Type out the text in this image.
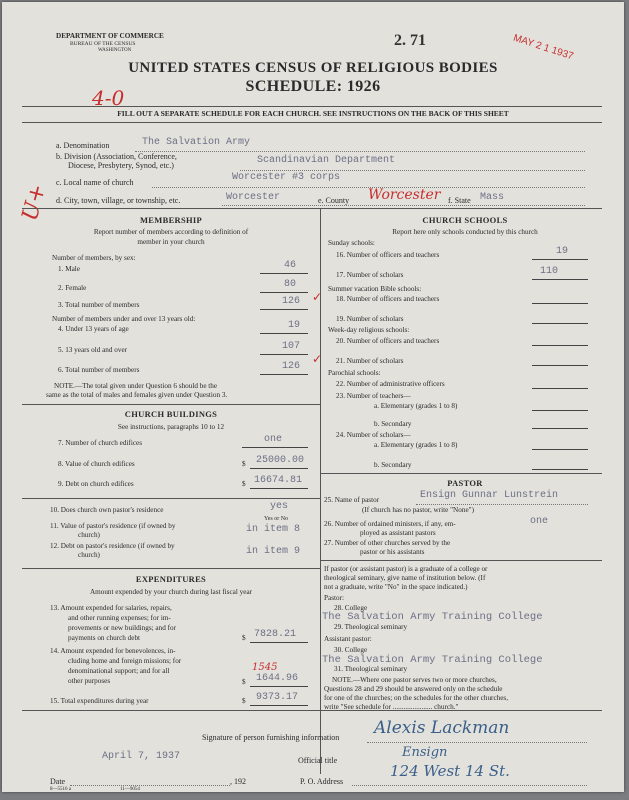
DEPARTMENT OF COMMERCE
BUREAU OF THE CENSUS
WASHINGTON
2. 71	MAY 2 1 1937
UNITED STATES CENSUS OF RELIGIOUS BODIES
SCHEDULE: 1926
4-0
FILL OUT A SEPARATE SCHEDULE FOR EACH CHURCH. SEE INSTRUCTIONS ON THE BACK OF THIS SHEET
a. Denomination	The Salvation Army
b. Division (Association, Conference,
Diocese, Presbytery, Synod, etc.)	Scandinavian Department
c. Local name of church	Worcester #3 corps
d. City, town, village, or township, etc.	Worcester	e. County Worcester f. State Mass
U+	MEMBERSHIP
Report number of members according to definition of
member in your church
Number of members, by sex:
1. Male	46
2. Female	80
3. Total number of members	126 ✓
Number of members under and over 13 years old:
4. Under 13 years of age	19
5. 13 years old and over	107
6. Total number of members	126
✓
NOTE.—The total given under Question 6 should be the
same as the total of males and females given under Question 3.
CHURCH BUILDINGS
See instructions, paragraphs 10 to 12
7. Number of church edifices	one
8. Value of church edifices	$ 25000.00
9. Debt on church edifices	$ 16674.81
10. Does church own pastor's residence	yes
Yes or No
11. Value of pastor's residence (if owned by
church)	in item 8
12. Debt on pastor's residence (if owned by
church)	in item 9
EXPENDITURES
Amount expended by your church during last fiscal year
13. Amount expended for salaries, repairs,
and other running expenses; for im-
provements or new buildings; and for
payments on church debt	$ 7828.21
14. Amount expended for benevolences, in-
cluding home and foreign missions; for
denominational support; and for all
other purposes
1545
$ 1644.96
15. Total expenditures during year	$ 9373.17
CHURCH SCHOOLS
Report here only schools conducted by this church
Sunday schools:
16. Number of officers and teachers	19
17. Number of scholars	110
Summer vacation Bible schools:
18. Number of officers and teachers
19. Number of scholars
Week-day religious schools:
20. Number of officers and teachers
21. Number of scholars
Parochial schools:
22. Number of administrative officers
23. Number of teachers—
a. Elementary (grades 1 to 8)
b. Secondary
24. Number of scholars—
a. Elementary (grades 1 to 8)
b. Secondary
PASTOR
25. Name of pastor	Ensign Gunnar Lunstrein
(If church has no pastor, write "None")
26. Number of ordained ministers, if any, em-
ployed as assistant pastors
one
27. Number of other churches served by the
pastor or his assistants
If pastor (or assistant pastor) is a graduate of a college or
theological seminary, give name of institution below. (If
not a graduate, write "No" in the space indicated.)
Pastor:
28. College
The Salvation Army Training College
29. Theological seminary
Assistant pastor:
30. College
The Salvation Army Training College
31. Theological seminary
NOTE.—Where one pastor serves two or more churches,
Questions 28 and 29 should be answered only on the schedule
for one of the churches; on the schedules for the other churches,
write "See schedule for ...................... church."
Signature of person furnishing information Alexis Lackman
April 7, 1937	Official title
Ensign
Date	, 192	P. O. Address
124 West 14 St.
8—5516 a	11—9054
